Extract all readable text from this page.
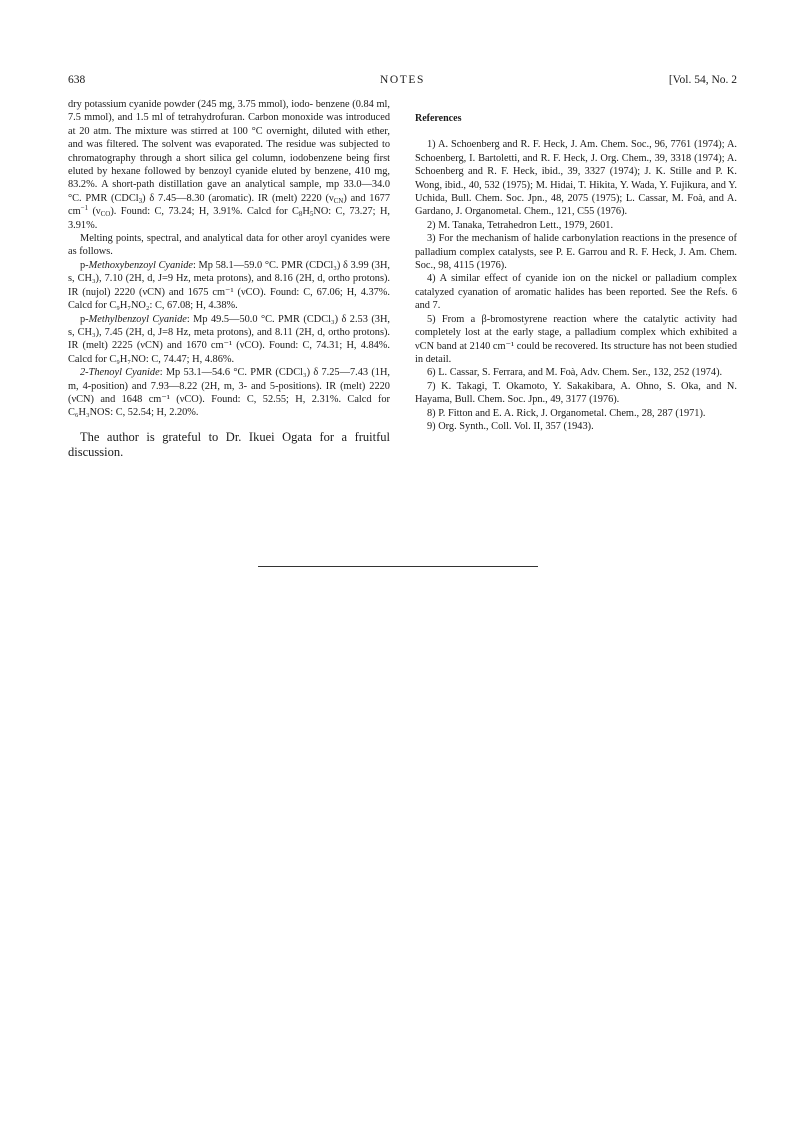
638	NOTES	[Vol. 54, No. 2

dry potassium cyanide powder (245 mg, 3.75 mmol), iodo- benzene (0.84 ml, 7.5 mmol), and 1.5 ml of tetrahydrofuran. Carbon monoxide was introduced at 20 atm. The mixture was stirred at 100 °C overnight, diluted with ether, and was filtered. The solvent was evaporated. The residue was subjected to chromatography through a short silica gel column, iodobenzene being first eluted by hexane followed by benzoyl cyanide eluted by benzene, 410 mg, 83.2%. A short-path distillation gave an analytical sample, mp 33.0—34.0 °C. PMR (CDCl$_3$) δ 7.45—8.30 (aromatic). IR (melt) 2220 $(\nu_{CN})$ and 1677 $cm^{-1}$ $(\nu_{CO})$. Found: C, 73.24; H, 3.91%. Calcd for $C_8H_5NO$: C, 73.27; H, 3.91%.

Melting points, spectral, and analytical data for other aroyl cyanides were as follows.

p-Methoxybenzoyl Cyanide: Mp 58.1—59.0 °C. PMR (CDCl₃) δ 3.99 (3H, s, CH₃), 7.10 (2H, d, J=9 Hz, meta protons), and 8.16 (2H, d, ortho protons). IR (nujol) 2220 (νCN) and 1675 cm⁻¹ (νCO). Found: C, 67.06; H, 4.37%. Calcd for C₉H₇NO₂: C, 67.08; H, 4.38%.

p-Methylbenzoyl Cyanide: Mp 49.5—50.0 °C. PMR (CDCl₃) δ 2.53 (3H, s, CH₃), 7.45 (2H, d, J=8 Hz, meta protons), and 8.11 (2H, d, ortho protons). IR (melt) 2225 (νCN) and 1670 cm⁻¹ (νCO). Found: C, 74.31; H, 4.84%. Calcd for C₉H₇NO: C, 74.47; H, 4.86%.

2-Thenoyl Cyanide: Mp 53.1—54.6 °C. PMR (CDCl₃) δ 7.25—7.43 (1H, m, 4-position) and 7.93—8.22 (2H, m, 3- and 5-positions). IR (melt) 2220 (νCN) and 1648 cm⁻¹ (νCO). Found: C, 52.55; H, 2.31%. Calcd for C₆H₃NOS: C, 52.54; H, 2.20%.

The author is grateful to Dr. Ikuei Ogata for a fruitful discussion.

References

1) A. Schoenberg and R. F. Heck, J. Am. Chem. Soc., 96, 7761 (1974); A. Schoenberg, I. Bartoletti, and R. F. Heck, J. Org. Chem., 39, 3318 (1974); A. Schoenberg and R. F. Heck, ibid., 39, 3327 (1974); J. K. Stille and P. K. Wong, ibid., 40, 532 (1975); M. Hidai, T. Hikita, Y. Wada, Y. Fujikura, and Y. Uchida, Bull. Chem. Soc. Jpn., 48, 2075 (1975); L. Cassar, M. Foà, and A. Gardano, J. Organometal. Chem., 121, C55 (1976).

2) M. Tanaka, Tetrahedron Lett., 1979, 2601.

3) For the mechanism of halide carbonylation reactions in the presence of palladium complex catalysts, see P. E. Garrou and R. F. Heck, J. Am. Chem. Soc., 98, 4115 (1976).

4) A similar effect of cyanide ion on the nickel or palladium complex catalyzed cyanation of aromatic halides has been reported. See the Refs. 6 and 7.

5) From a β-bromostyrene reaction where the catalytic activity had completely lost at the early stage, a palladium complex which exhibited a νCN band at 2140 cm⁻¹ could be recovered. Its structure has not been studied in detail.

6) L. Cassar, S. Ferrara, and M. Foà, Adv. Chem. Ser., 132, 252 (1974).

7) K. Takagi, T. Okamoto, Y. Sakakibara, A. Ohno, S. Oka, and N. Hayama, Bull. Chem. Soc. Jpn., 49, 3177 (1976).

8) P. Fitton and E. A. Rick, J. Organometal. Chem., 28, 287 (1971).

9) Org. Synth., Coll. Vol. II, 357 (1943).
